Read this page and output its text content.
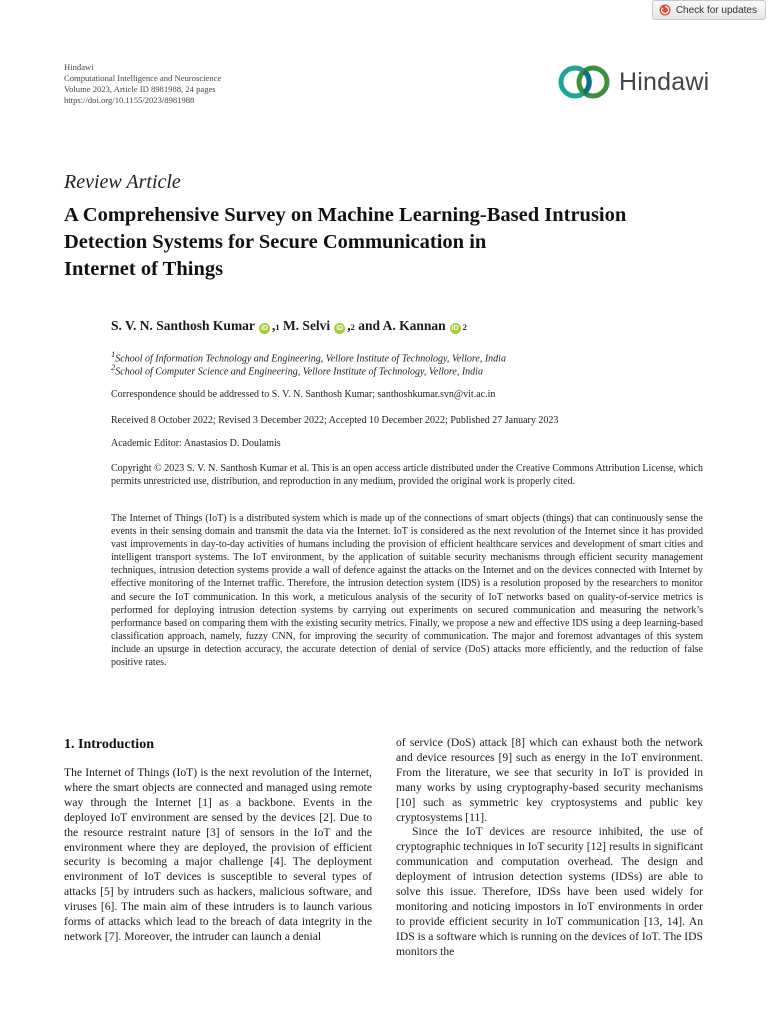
Check for updates
Hindawi
Computational Intelligence and Neuroscience
Volume 2023, Article ID 8981988, 24 pages
https://doi.org/10.1155/2023/8981988
Hindawi
Review Article
A Comprehensive Survey on Machine Learning-Based Intrusion
Detection Systems for Secure Communication in
Internet of Things
S. V. N. Santhosh Kumar iD , 1
M. Selvi iD , 2
and A. Kannan iD 2
$^1$School of Information Technology and Engineering, Vellore Institute of Technology, Vellore, India
$^2$School of Computer Science and Engineering, Vellore Institute of Technology, Vellore, India
Correspondence should be addressed to S. V. N. Santhosh Kumar; santhoshkumar.svn@vit.ac.in
Received 8 October 2022; Revised 3 December 2022; Accepted 10 December 2022; Published 27 January 2023
Academic Editor: Anastasios D. Doulamis
Copyright © 2023 S. V. N. Santhosh Kumar et al. This is an open access article distributed under the Creative Commons Attribution License, which permits unrestricted use, distribution, and reproduction in any medium, provided the original work is properly cited.
The Internet of Things (IoT) is a distributed system which is made up of the connections of smart objects (things) that can continuously sense the events in their sensing domain and transmit the data via the Internet. IoT is considered as the next revolution of the Internet since it has provided vast improvements in day-to-day activities of humans including the provision of efficient healthcare services and development of smart cities and intelligent transport systems. The IoT environment, by the application of suitable security mechanisms through efficient security management techniques, intrusion detection systems provide a wall of defence against the attacks on the Internet and on the devices connected with Internet by effective monitoring of the Internet traffic. Therefore, the intrusion detection system (IDS) is a resolution proposed by the researchers to monitor and secure the IoT communication. In this work, a meticulous analysis of the security of IoT networks based on quality-of-service metrics is performed for deploying intrusion detection systems by carrying out experiments on secured communication and measuring the network’s performance based on comparing them with the existing security metrics. Finally, we propose a new and effective IDS using a deep learning-based classification approach, namely, fuzzy CNN, for improving the security of communication. The major and foremost advantages of this system include an upsurge in detection accuracy, the accurate detection of denial of service (DoS) attacks more efficiently, and the reduction of false positive rates.
1. Introduction

The Internet of Things (IoT) is the next revolution of the Internet, where the smart objects are connected and managed using remote way through the Internet [1] as a backbone. Events in the deployed IoT environment are sensed by the devices [2]. Due to the resource restraint nature [3] of sensors in the IoT and the environment where they are deployed, the provision of efficient security is becoming a major challenge [4]. The deployment environment of IoT devices is susceptible to several types of attacks [5] by intruders such as hackers, malicious software, and viruses [6]. The main aim of these intruders is to launch various forms of attacks which lead to the breach of data integrity in the network [7]. Moreover, the intruder can launch a denial

of service (DoS) attack [8] which can exhaust both the network and device resources [9] such as energy in the IoT environment. From the literature, we see that security in IoT is provided in many works by using cryptography-based security mechanisms [10] such as symmetric key cryptosystems and public key cryptosystems [11].

Since the IoT devices are resource inhibited, the use of cryptographic techniques in IoT security [12] results in significant communication and computation overhead. The design and deployment of intrusion detection systems (IDSs) are able to solve this issue. Therefore, IDSs have been used widely for monitoring and noticing impostors in IoT environments in order to provide efficient security in IoT communication [13, 14]. An IDS is a software which is running on the devices of IoT. The IDS monitors the
